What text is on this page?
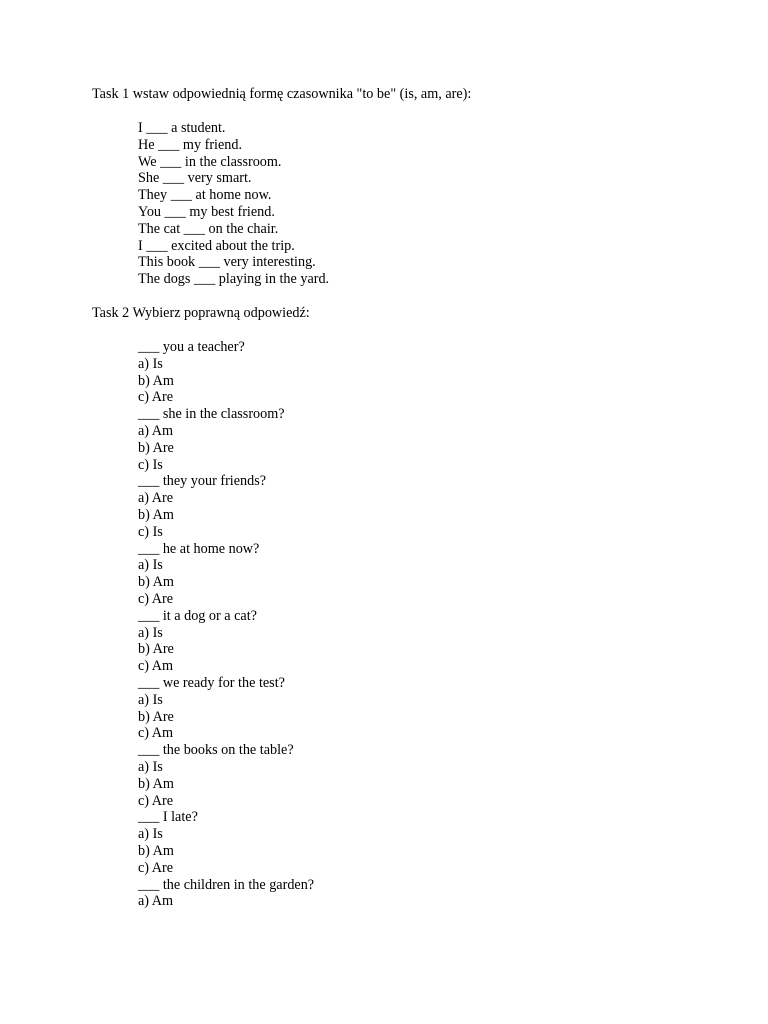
Task 1 wstaw odpowiednią formę czasownika "to be" (is, am, are):
I ___ a student.
He ___ my friend.
We ___ in the classroom.
She ___ very smart.
They ___ at home now.
You ___ my best friend.
The cat ___ on the chair.
I ___ excited about the trip.
This book ___ very interesting.
The dogs ___ playing in the yard.
Task 2 Wybierz poprawną odpowiedź:
___ you a teacher?
a) Is
b) Am
c) Are
___ she in the classroom?
a) Am
b) Are
c) Is
___ they your friends?
a) Are
b) Am
c) Is
___ he at home now?
a) Is
b) Am
c) Are
___ it a dog or a cat?
a) Is
b) Are
c) Am
___ we ready for the test?
a) Is
b) Are
c) Am
___ the books on the table?
a) Is
b) Am
c) Are
___ I late?
a) Is
b) Am
c) Are
___ the children in the garden?
a) Am
